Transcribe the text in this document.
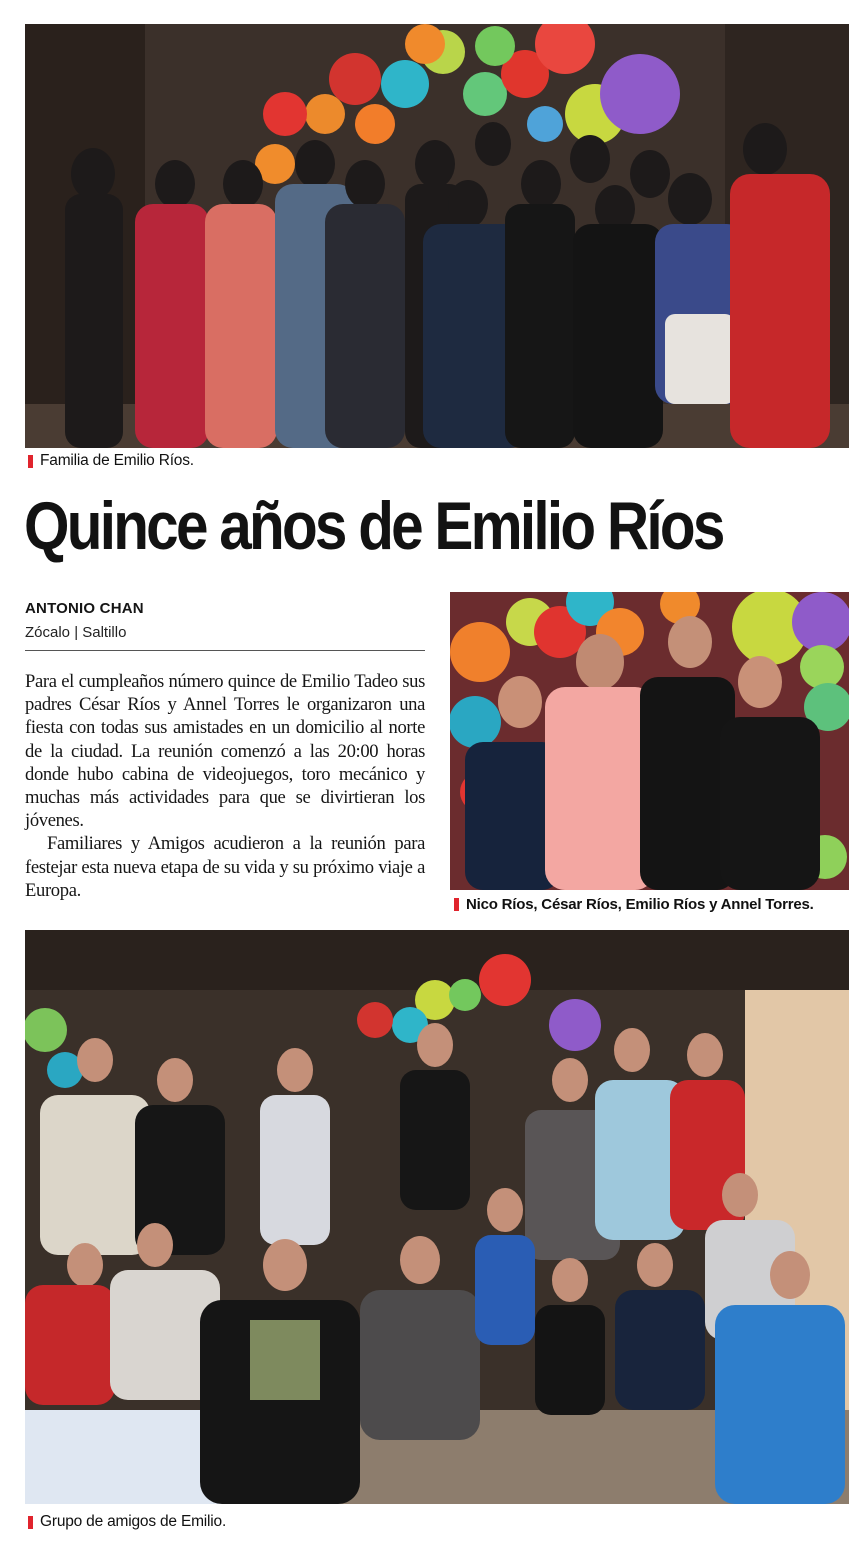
Familia de Emilio Ríos.
Quince años de Emilio Ríos
ANTONIO CHAN
Zócalo | Saltillo

Para el cumpleaños número quince de Emilio Tadeo sus padres César Ríos y Annel Torres le organizaron una fiesta con todas sus amistades en un domicilio al norte de la ciudad. La reunión comenzó a las 20:00 horas donde hubo cabina de videojuegos, toro mecánico y muchas más actividades para que se divirtieran los jóvenes.

Familiares y Amigos acudieron a la reunión para festejar esta nueva etapa de su vida y su próximo viaje a Europa.

Nico Ríos, César Ríos, Emilio Ríos y Annel Torres.
Grupo de amigos de Emilio.
